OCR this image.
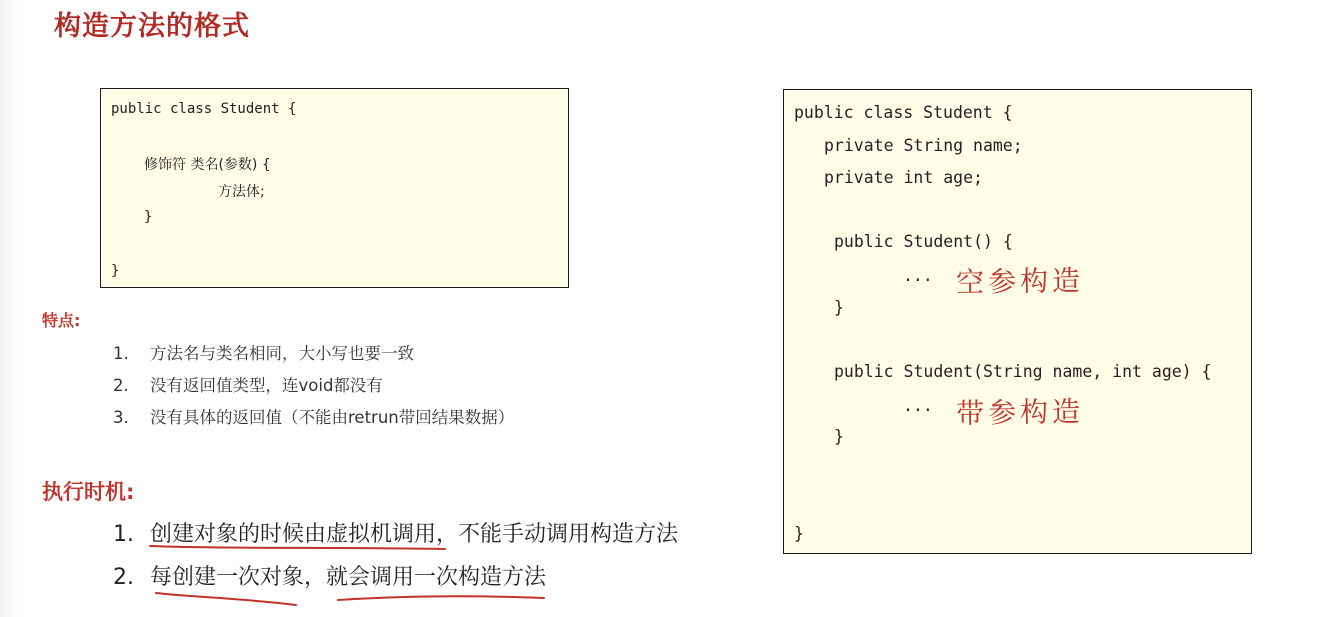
构造方法的格式
public class Student {
修饰符 类名(参数) {
方法体;
}
}
特点:
1. 方法名与类名相同，大小写也要一致
2. 没有返回值类型，连void都没有
3. 没有具体的返回值（不能由retrun带回结果数据）
执行时机:
1. 创建对象的时候由虚拟机调用，不能手动调用构造方法
2. 每创建一次对象，就会调用一次构造方法
public class Student {
private String name;
private int age;
public Student() {
...
}
public Student(String name, int age) {
...
}
}
空参构造
带参构造
